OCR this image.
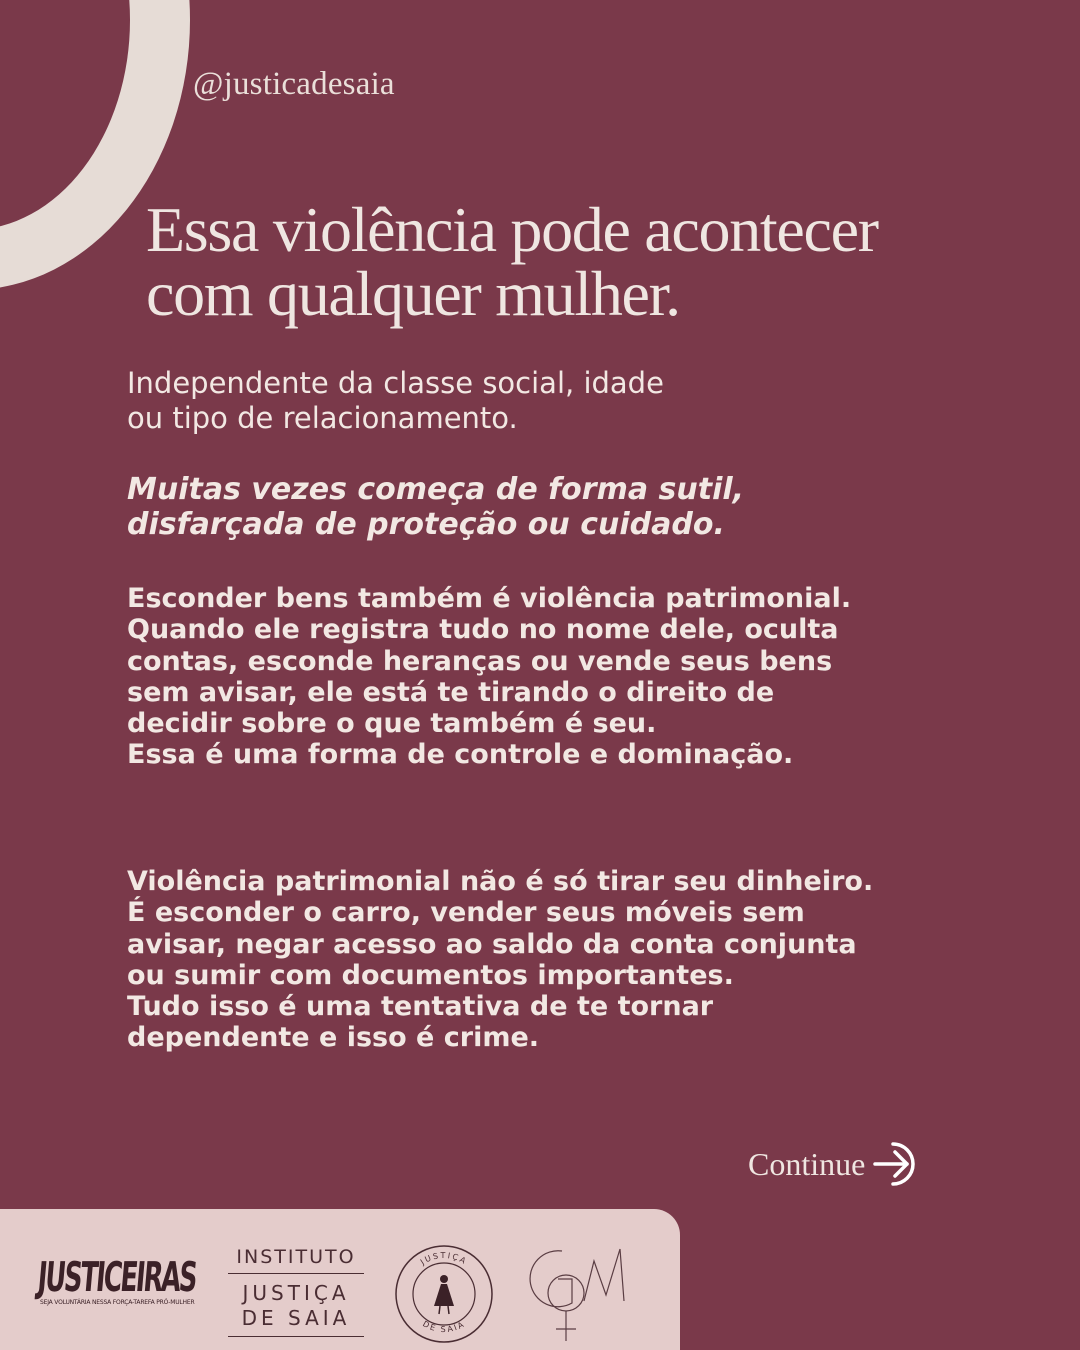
@justicadesaia
Essa violência pode acontecer
com qualquer mulher.
Independente da classe social, idade
ou tipo de relacionamento.
Muitas vezes começa de forma sutil,
disfarçada de proteção ou cuidado.
Esconder bens também é violência patrimonial.
Quando ele registra tudo no nome dele, oculta
contas, esconde heranças ou vende seus bens
sem avisar, ele está te tirando o direito de
decidir sobre o que também é seu.
Essa é uma forma de controle e dominação.
Violência patrimonial não é só tirar seu dinheiro.
É esconder o carro, vender seus móveis sem
avisar, negar acesso ao saldo da conta conjunta
ou sumir com documentos importantes.
Tudo isso é uma tentativa de te tornar
dependente e isso é crime.
Continue
JUSTICEIRAS
SEJA VOLUNTÁRIA NESSA FORÇA-TAREFA PRÓ-MULHER
INSTITUTO
JUSTIÇA
DE SAIA
JUSTIÇA
DE SAIA
